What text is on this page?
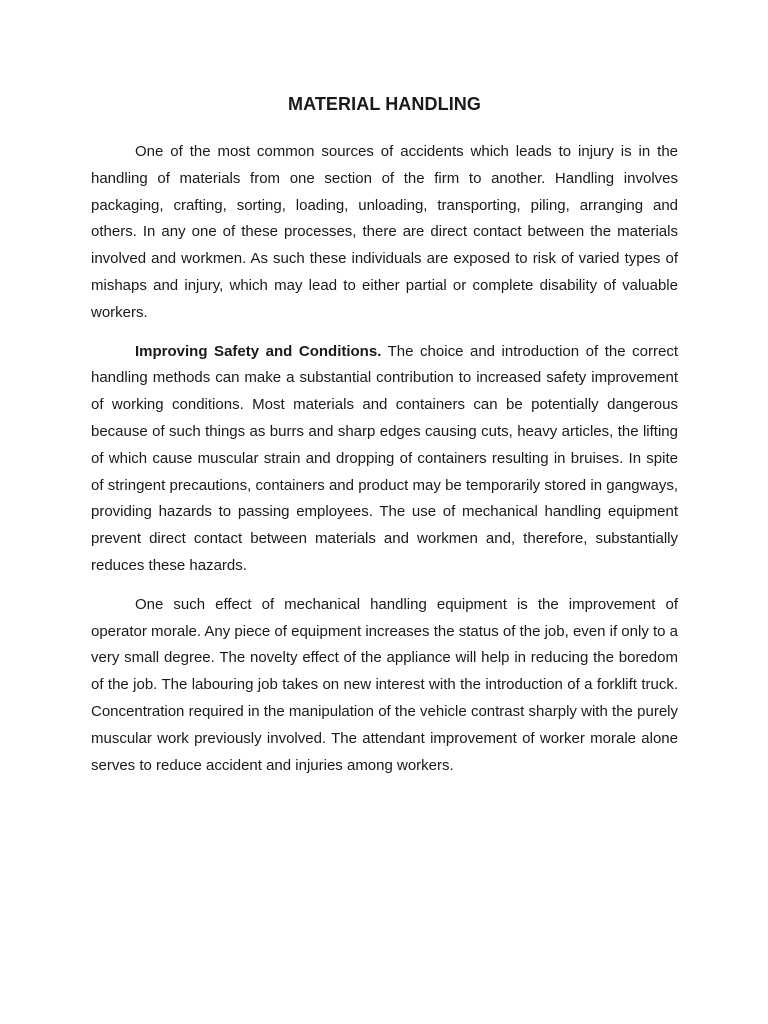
MATERIAL HANDLING

One of the most common sources of accidents which leads to injury is in the handling of materials from one section of the firm to another. Handling involves packaging, crafting, sorting, loading, unloading, transporting, piling, arranging and others. In any one of these processes, there are direct contact between the materials involved and workmen. As such these individuals are exposed to risk of varied types of mishaps and injury, which may lead to either partial or complete disability of valuable workers.

Improving Safety and Conditions. The choice and introduction of the correct handling methods can make a substantial contribution to increased safety improvement of working conditions. Most materials and containers can be potentially dangerous because of such things as burrs and sharp edges causing cuts, heavy articles, the lifting of which cause muscular strain and dropping of containers resulting in bruises. In spite of stringent precautions, containers and product may be temporarily stored in gangways, providing hazards to passing employees. The use of mechanical handling equipment prevent direct contact between materials and workmen and, therefore, substantially reduces these hazards.

One such effect of mechanical handling equipment is the improvement of operator morale. Any piece of equipment increases the status of the job, even if only to a very small degree. The novelty effect of the appliance will help in reducing the boredom of the job. The labouring job takes on new interest with the introduction of a forklift truck. Concentration required in the manipulation of the vehicle contrast sharply with the purely muscular work previously involved. The attendant improvement of worker morale alone serves to reduce accident and injuries among workers.
